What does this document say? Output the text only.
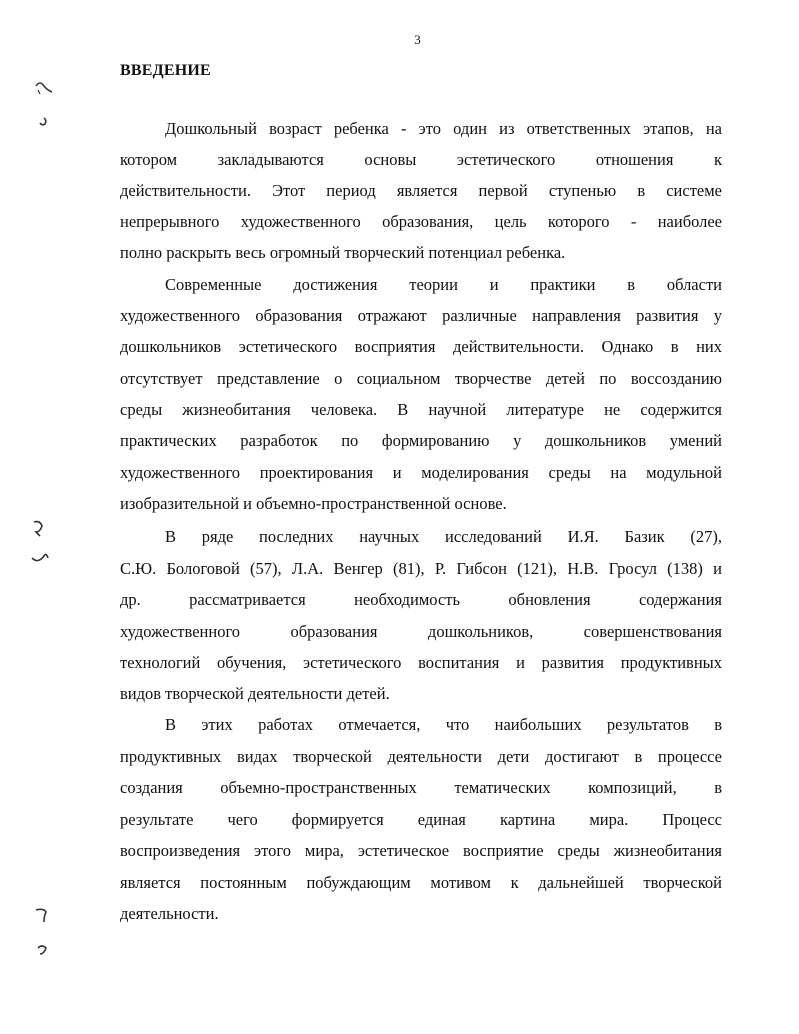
3
ВВЕДЕНИЕ
Дошкольный возраст ребенка - это один из ответственных этапов, на
котором закладываются основы эстетического отношения к
действительности. Этот период является первой ступенью в системе
непрерывного художественного образования, цель которого - наиболее
полно раскрыть весь огромный творческий потенциал ребенка.
Современные достижения теории и практики в области
художественного образования отражают различные направления развития у
дошкольников эстетического восприятия действительности. Однако в них
отсутствует представление о социальном творчестве детей по воссозданию
среды жизнеобитания человека. В научной литературе не содержится
практических разработок по формированию у дошкольников умений
художественного проектирования и моделирования среды на модульной
изобразительной и объемно-пространственной основе.
В ряде последних научных исследований И.Я. Базик (27),
С.Ю. Бологовой (57), Л.А. Венгер (81), Р. Гибсон (121), Н.В. Гросул (138) и
др. рассматривается необходимость обновления содержания
художественного образования дошкольников, совершенствования
технологий обучения, эстетического воспитания и развития продуктивных
видов творческой деятельности детей.
В этих работах отмечается, что наибольших результатов в
продуктивных видах творческой деятельности дети достигают в процессе
создания объемно-пространственных тематических композиций, в
результате чего формируется единая картина мира. Процесс
воспроизведения этого мира, эстетическое восприятие среды жизнеобитания
является постоянным побуждающим мотивом к дальнейшей творческой
деятельности.
